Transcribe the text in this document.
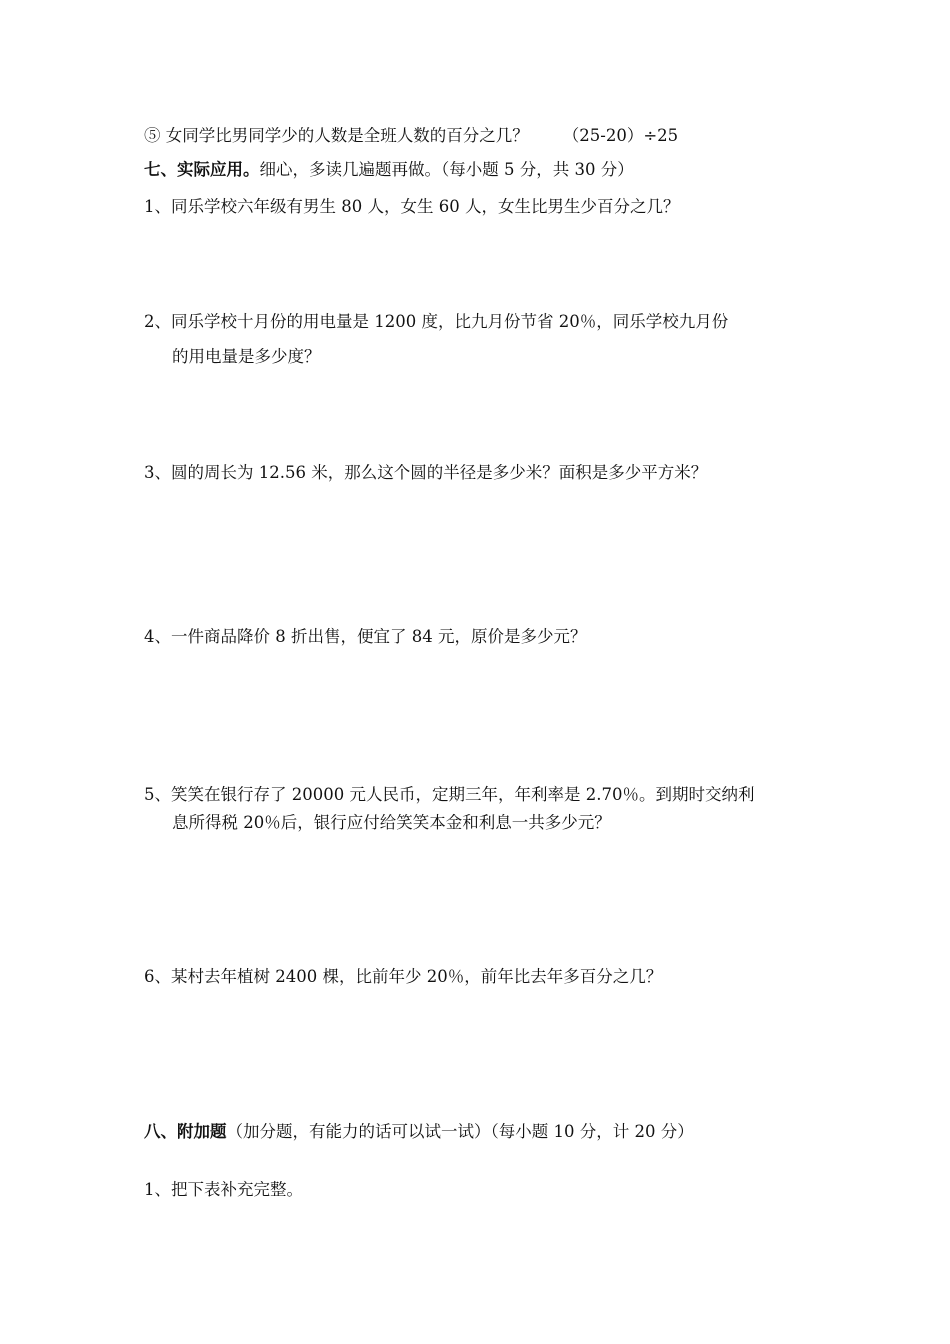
⑤ 女同学比男同学少的人数是全班人数的百分之几？ （25-20）÷25
七、实际应用。细心，多读几遍题再做。（每小题 5 分，共 30 分）
1、同乐学校六年级有男生 80 人，女生 60 人，女生比男生少百分之几？
2、同乐学校十月份的用电量是 1200 度，比九月份节省 20％，同乐学校九月份
的用电量是多少度？
3、圆的周长为 12.56 米，那么这个圆的半径是多少米？面积是多少平方米？
4、一件商品降价 8 折出售，便宜了 84 元，原价是多少元？
5、笑笑在银行存了 20000 元人民币，定期三年，年利率是 2.70％。到期时交纳利
息所得税 20％后，银行应付给笑笑本金和利息一共多少元？
6、某村去年植树 2400 棵，比前年少 20％，前年比去年多百分之几？
八、附加题（加分题，有能力的话可以试一试）（每小题 10 分，计 20 分）
1、把下表补充完整。
